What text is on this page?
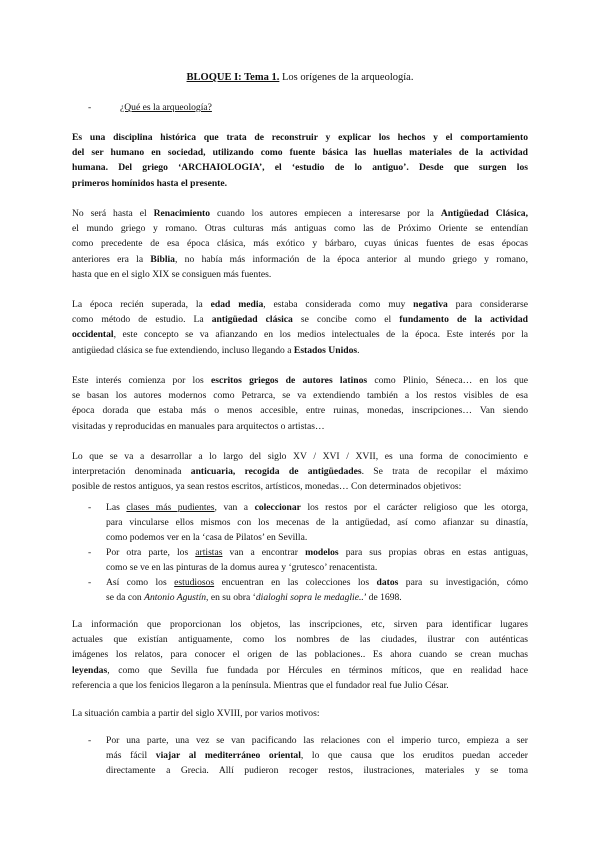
BLOQUE I: Tema 1. Los orígenes de la arqueología.
-	¿Qué es la arqueología?
Es una disciplina histórica que trata de reconstruir y explicar los hechos y el comportamiento
del ser humano en sociedad, utilizando como fuente básica las huellas materiales de la actividad
humana. Del griego ‘ARCHAIOLOGIA’, el ‘estudio de lo antiguo’. Desde que surgen los
primeros homínidos hasta el presente.
No será hasta el Renacimiento cuando los autores empiecen a interesarse por la Antigüedad Clásica,
el mundo griego y romano. Otras culturas más antiguas como las de Próximo Oriente se entendían
como precedente de esa época clásica, más exótico y bárbaro, cuyas únicas fuentes de esas épocas
anteriores era la Biblia, no había más información de la época anterior al mundo griego y romano,
hasta que en el siglo XIX se consiguen más fuentes.
La época recién superada, la edad media, estaba considerada como muy negativa para considerarse
como método de estudio. La antigüedad clásica se concibe como el fundamento de la actividad
occidental, este concepto se va afianzando en los medios intelectuales de la época. Este interés por la
antigüedad clásica se fue extendiendo, incluso llegando a Estados Unidos.
Este interés comienza por los escritos griegos de autores latinos como Plinio, Séneca… en los que
se basan los autores modernos como Petrarca, se va extendiendo también a los restos visibles de esa
época dorada que estaba más o menos accesible, entre ruinas, monedas, inscripciones… Van siendo
visitadas y reproducidas en manuales para arquitectos o artistas…
Lo que se va a desarrollar a lo largo del siglo XV / XVI / XVII, es una forma de conocimiento e
interpretación denominada anticuaria, recogida de antigüedades. Se trata de recopilar el máximo
posible de restos antiguos, ya sean restos escritos, artísticos, monedas… Con determinados objetivos:
- Las clases más pudientes, van a coleccionar los restos por el carácter religioso que les otorga,
para vincularse ellos mismos con los mecenas de la antigüedad, así como afianzar su dinastía,
como podemos ver en la ‘casa de Pilatos’ en Sevilla.
- Por otra parte, los artistas van a encontrar modelos para sus propias obras en estas antiguas,
como se ve en las pinturas de la domus aurea y ‘grutesco’ renacentista.
- Así como los estudiosos encuentran en las colecciones los datos para su investigación, cómo
se da con Antonio Agustín, en su obra ‘dialoghi sopra le medaglie..’ de 1698.
La información que proporcionan los objetos, las inscripciones, etc, sirven para identificar lugares
actuales que existían antiguamente, como los nombres de las ciudades, ilustrar con auténticas
imágenes los relatos, para conocer el origen de las poblaciones.. Es ahora cuando se crean muchas
leyendas, como que Sevilla fue fundada por Hércules en términos míticos, que en realidad hace
referencia a que los fenicios llegaron a la península. Mientras que el fundador real fue Julio César.
La situación cambia a partir del siglo XVIII, por varios motivos:
- Por una parte, una vez se van pacificando las relaciones con el imperio turco, empieza a ser
más fácil viajar al mediterráneo oriental, lo que causa que los eruditos puedan acceder
directamente a Grecia. Allí pudieron recoger restos, ilustraciones, materiales y se toma
